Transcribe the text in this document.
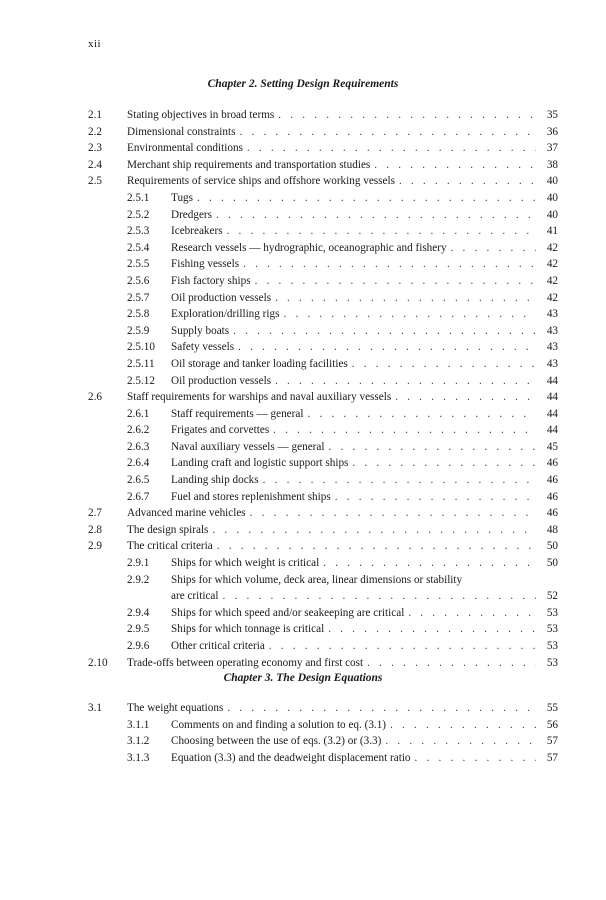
xii
Chapter 2. Setting Design Requirements
2.1 Stating objectives in broad terms . . .	35
2.2 Dimensional constraints . . .	36
2.3 Environmental conditions . . .	37
2.4 Merchant ship requirements and transportation studies . . .	38
2.5 Requirements of service ships and offshore working vessels . . .	40
2.5.1 Tugs . . .	40
2.5.2 Dredgers . . .	40
2.5.3 Icebreakers . . .	41
2.5.4 Research vessels — hydrographic, oceanographic and fishery . . .	42
2.5.5 Fishing vessels . . .	42
2.5.6 Fish factory ships . . .	42
2.5.7 Oil production vessels . . .	42
2.5.8 Exploration/drilling rigs . . .	43
2.5.9 Supply boats . . .	43
2.5.10 Safety vessels . . .	43
2.5.11 Oil storage and tanker loading facilities . . .	43
2.5.12 Oil production vessels . . .	44
2.6 Staff requirements for warships and naval auxiliary vessels . . .	44
2.6.1 Staff requirements — general . . .	44
2.6.2 Frigates and corvettes . . .	44
2.6.3 Naval auxiliary vessels — general . . .	45
2.6.4 Landing craft and logistic support ships . . .	46
2.6.5 Landing ship docks . . .	46
2.6.7 Fuel and stores replenishment ships . . .	46
2.7 Advanced marine vehicles . . .	46
2.8 The design spirals . . .	48
2.9 The critical criteria . . .	50
2.9.1 Ships for which weight is critical . . .	50
2.9.2 Ships for which volume, deck area, linear dimensions or stability
are critical . . .	52
2.9.4 Ships for which speed and/or seakeeping are critical . . .	53
2.9.5 Ships for which tonnage is critical . . .	53
2.9.6 Other critical criteria . . .	53
2.10 Trade-offs between operating economy and first cost . . .	53
Chapter 3. The Design Equations
3.1 The weight equations . . .	55
3.1.1 Comments on and finding a solution to eq. (3.1) . . .	56
3.1.2 Choosing between the use of eqs. (3.2) or (3.3) . . .	57
3.1.3 Equation (3.3) and the deadweight displacement ratio . . .	57
